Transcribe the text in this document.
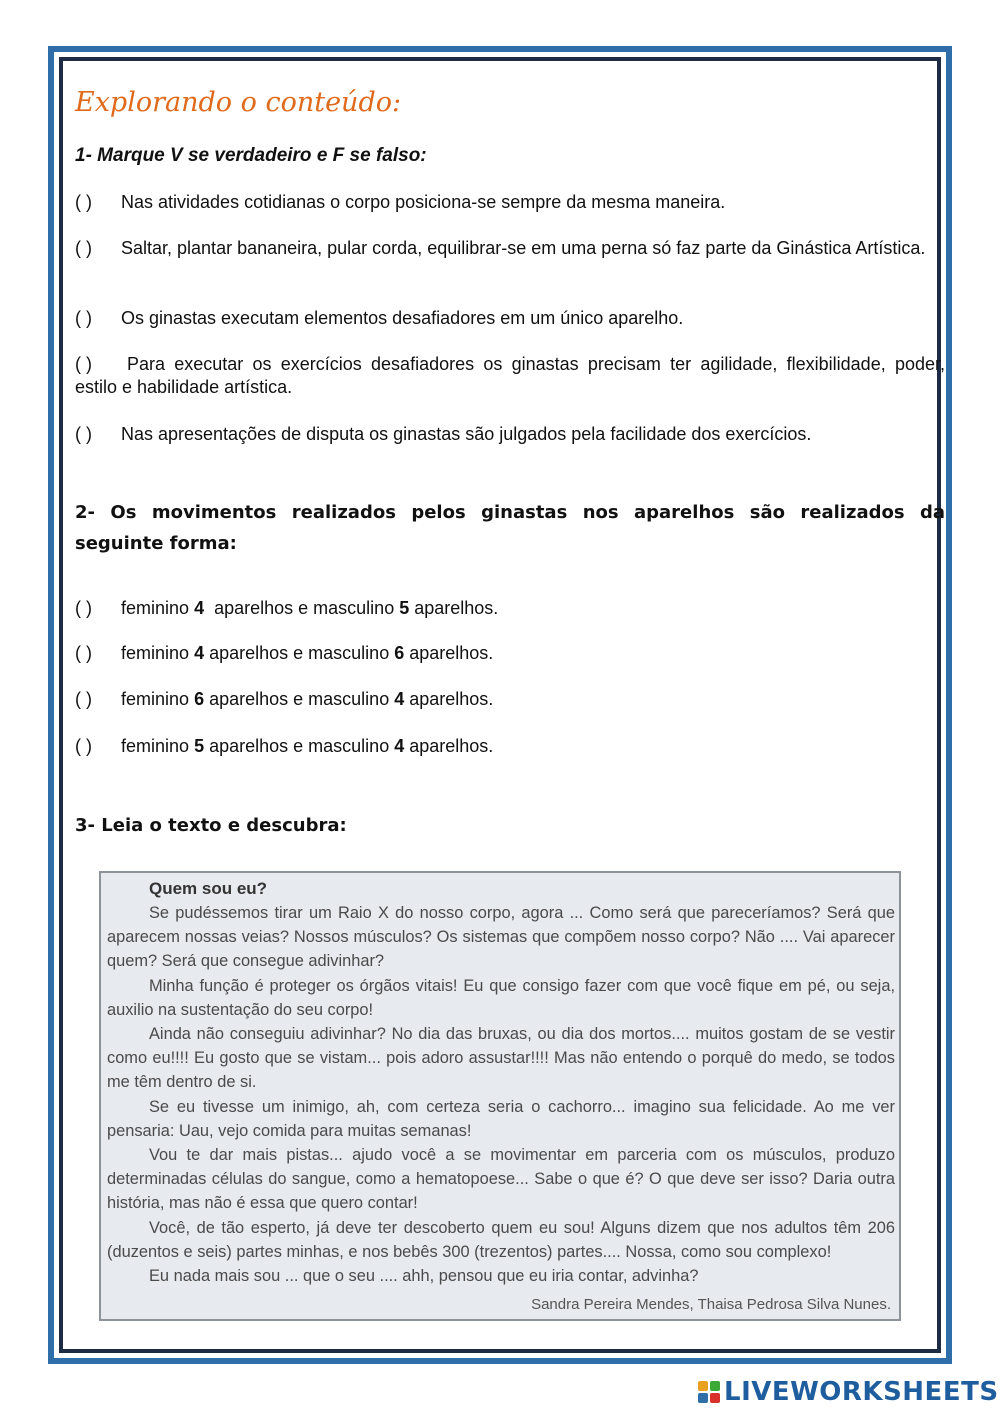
Explorando o conteúdo:
1- Marque V se verdadeiro e F se falso:
( ) Nas atividades cotidianas o corpo posiciona-se sempre da mesma maneira.
( ) Saltar, plantar bananeira, pular corda, equilibrar-se em uma perna só faz parte da Ginástica Artística.
( ) Os ginastas executam elementos desafiadores em um único aparelho.
( ) Para executar os exercícios desafiadores os ginastas precisam ter agilidade, flexibilidade, poder, estilo e habilidade artística.
( ) Nas apresentações de disputa os ginastas são julgados pela facilidade dos exercícios.
2- Os movimentos realizados pelos ginastas nos aparelhos são realizados da seguinte forma:
( ) feminino 4 aparelhos e masculino 5 aparelhos.
( ) feminino 4 aparelhos e masculino 6 aparelhos.
( ) feminino 6 aparelhos e masculino 4 aparelhos.
( ) feminino 5 aparelhos e masculino 4 aparelhos.
3- Leia o texto e descubra:
Quem sou eu?

Se pudéssemos tirar um Raio X do nosso corpo, agora ... Como será que pareceríamos? Será que aparecem nossas veias? Nossos músculos? Os sistemas que compõem nosso corpo? Não .... Vai aparecer quem? Será que consegue adivinhar?

Minha função é proteger os órgãos vitais! Eu que consigo fazer com que você fique em pé, ou seja, auxilio na sustentação do seu corpo!

Ainda não conseguiu adivinhar? No dia das bruxas, ou dia dos mortos.... muitos gostam de se vestir como eu!!!! Eu gosto que se vistam... pois adoro assustar!!!! Mas não entendo o porquê do medo, se todos me têm dentro de si.

Se eu tivesse um inimigo, ah, com certeza seria o cachorro... imagino sua felicidade. Ao me ver pensaria: Uau, vejo comida para muitas semanas!

Vou te dar mais pistas... ajudo você a se movimentar em parceria com os músculos, produzo determinadas células do sangue, como a hematopoese... Sabe o que é? O que deve ser isso? Daria outra história, mas não é essa que quero contar!

Você, de tão esperto, já deve ter descoberto quem eu sou! Alguns dizem que nos adultos têm 206 (duzentos e seis) partes minhas, e nos bebês 300 (trezentos) partes.... Nossa, como sou complexo!

Eu nada mais sou ... que o seu .... ahh, pensou que eu iria contar, advinha?

Sandra Pereira Mendes, Thaisa Pedrosa Silva Nunes.
LIVEWORKSHEETS
